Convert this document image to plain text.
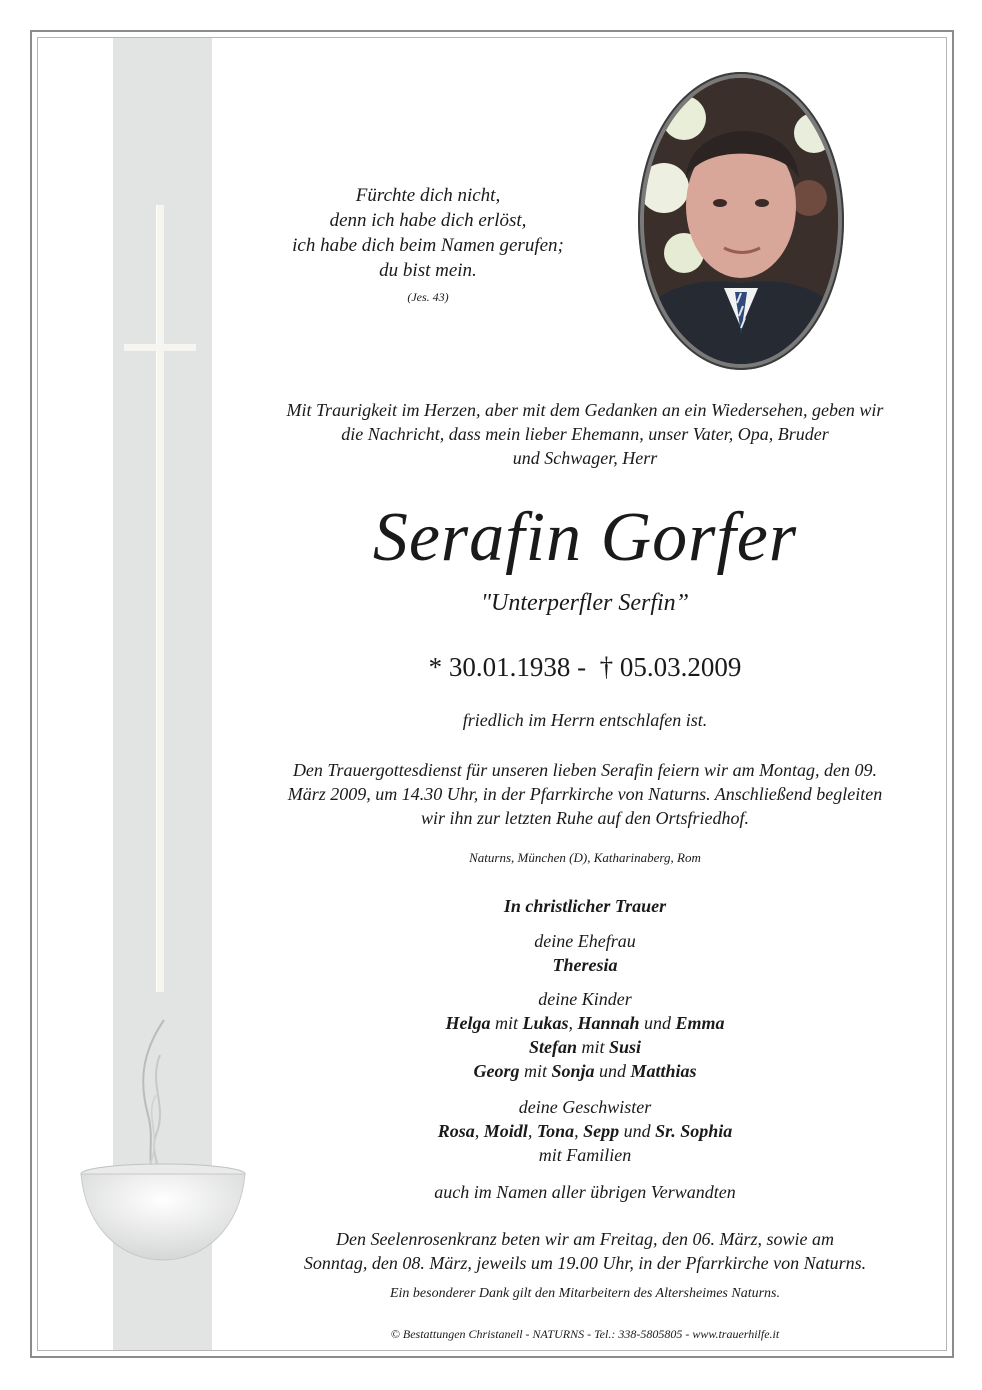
Fürchte dich nicht,
denn ich habe dich erlöst,
ich habe dich beim Namen gerufen;
du bist mein.
(Jes. 43)
Mit Traurigkeit im Herzen, aber mit dem Gedanken an ein Wiedersehen, geben wir
die Nachricht, dass mein lieber Ehemann, unser Vater, Opa, Bruder
und Schwager, Herr
Serafin Gorfer
"Unterperfler Serfin”
* 30.01.1938 -  † 05.03.2009
friedlich im Herrn entschlafen ist.
Den Trauergottesdienst für unseren lieben Serafin feiern wir am Montag, den 09.
März 2009, um 14.30 Uhr, in der Pfarrkirche von Naturns. Anschließend begleiten
wir ihn zur letzten Ruhe auf den Ortsfriedhof.
Naturns, München (D), Katharinaberg, Rom
In christlicher Trauer
deine Ehefrau
Theresia
deine Kinder
Helga mit Lukas, Hannah und Emma
Stefan mit Susi
Georg mit Sonja und Matthias
deine Geschwister
Rosa, Moidl, Tona, Sepp und Sr. Sophia
mit Familien
auch im Namen aller übrigen Verwandten
Den Seelenrosenkranz beten wir am Freitag, den 06. März, sowie am
Sonntag, den 08. März, jeweils um 19.00 Uhr, in der Pfarrkirche von Naturns.
Ein besonderer Dank gilt den Mitarbeitern des Altersheimes Naturns.
© Bestattungen Christanell - NATURNS - Tel.: 338-5805805 - www.trauerhilfe.it
